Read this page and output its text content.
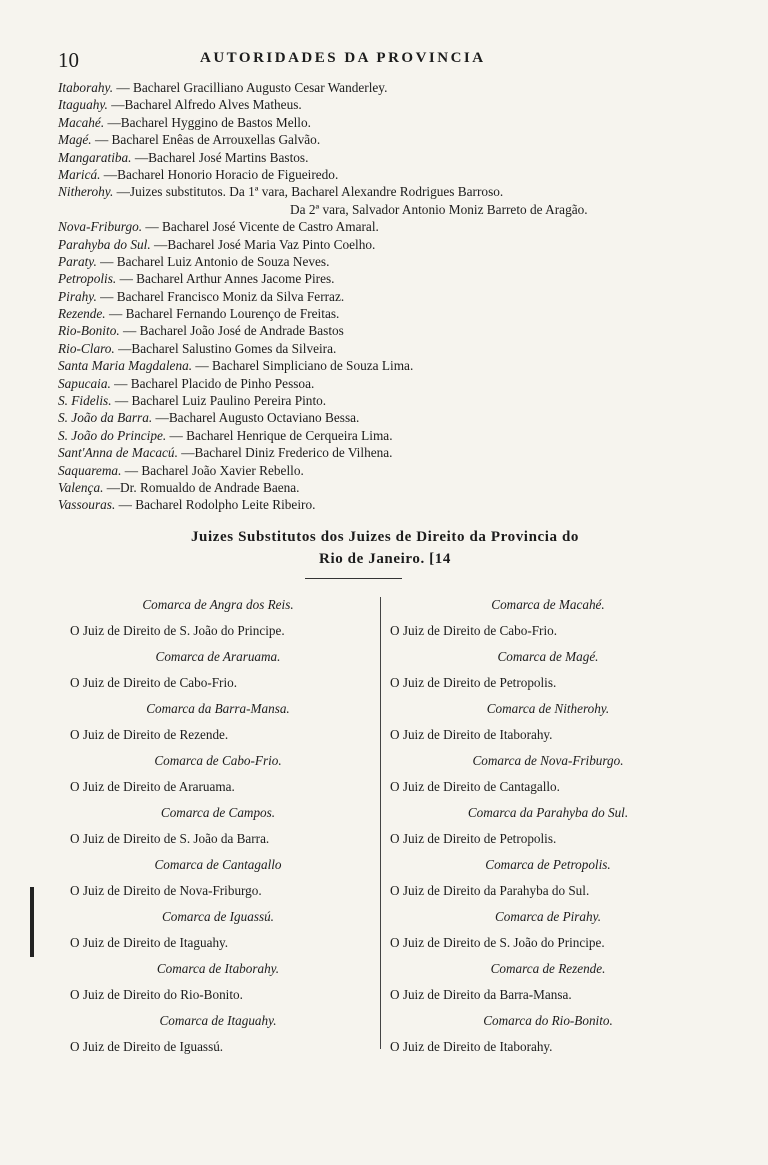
10	AUTORIDADES DA PROVINCIA
Itaborahy. — Bacharel Gracilliano Augusto Cesar Wanderley.
Itaguahy. —Bacharel Alfredo Alves Matheus.
Macahé. —Bacharel Hyggino de Bastos Mello.
Magé. — Bacharel Enêas de Arrouxellas Galvão.
Mangaratiba. —Bacharel José Martins Bastos.
Maricá. —Bacharel Honorio Horacio de Figueiredo.
Nitherohy. —Juizes substitutos. Da 1ª vara, Bacharel Alexandre Rodrigues Barroso.
Da 2ª vara, Salvador Antonio Moniz Barreto de Aragão.
Nova-Friburgo. — Bacharel José Vicente de Castro Amaral.
Parahyba do Sul. —Bacharel José Maria Vaz Pinto Coelho.
Paraty. — Bacharel Luiz Antonio de Souza Neves.
Petropolis. — Bacharel Arthur Annes Jacome Pires.
Pirahy. — Bacharel Francisco Moniz da Silva Ferraz.
Rezende. — Bacharel Fernando Lourenço de Freitas.
Rio-Bonito. — Bacharel João José de Andrade Bastos
Rio-Claro. —Bacharel Salustino Gomes da Silveira.
Santa Maria Magdalena. — Bacharel Simpliciano de Souza Lima.
Sapucaia. — Bacharel Placido de Pinho Pessoa.
S. Fidelis. — Bacharel Luiz Paulino Pereira Pinto.
S. João da Barra. —Bacharel Augusto Octaviano Bessa.
S. João do Principe. — Bacharel Henrique de Cerqueira Lima.
Sant'Anna de Macacú. —Bacharel Diniz Frederico de Vilhena.
Saquarema. — Bacharel João Xavier Rebello.
Valença. —Dr. Romualdo de Andrade Baena.
Vassouras. — Bacharel Rodolpho Leite Ribeiro.
Juizes Substitutos dos Juizes de Direito da Provincia do
Rio de Janeiro. [14
Comarca de Angra dos Reis.
O Juiz de Direito de S. João do Principe.
Comarca de Araruama.
O Juiz de Direito de Cabo-Frio.
Comarca da Barra-Mansa.
O Juiz de Direito de Rezende.
Comarca de Cabo-Frio.
O Juiz de Direito de Araruama.
Comarca de Campos.
O Juiz de Direito de S. João da Barra.
Comarca de Cantagallo
O Juiz de Direito de Nova-Friburgo.
Comarca de Iguassú.
O Juiz de Direito de Itaguahy.
Comarca de Itaborahy.
O Juiz de Direito do Rio-Bonito.
Comarca de Itaguahy.
O Juiz de Direito de Iguassú.
Comarca de Macahé.
O Juiz de Direito de Cabo-Frio.
Comarca de Magé.
O Juiz de Direito de Petropolis.
Comarca de Nitherohy.
O Juiz de Direito de Itaborahy.
Comarca de Nova-Friburgo.
O Juiz de Direito de Cantagallo.
Comarca da Parahyba do Sul.
O Juiz de Direito de Petropolis.
Comarca de Petropolis.
O Juiz de Direito da Parahyba do Sul.
Comarca de Pirahy.
O Juiz de Direito de S. João do Principe.
Comarca de Rezende.
O Juiz de Direito da Barra-Mansa.
Comarca do Rio-Bonito.
O Juiz de Direito de Itaborahy.
